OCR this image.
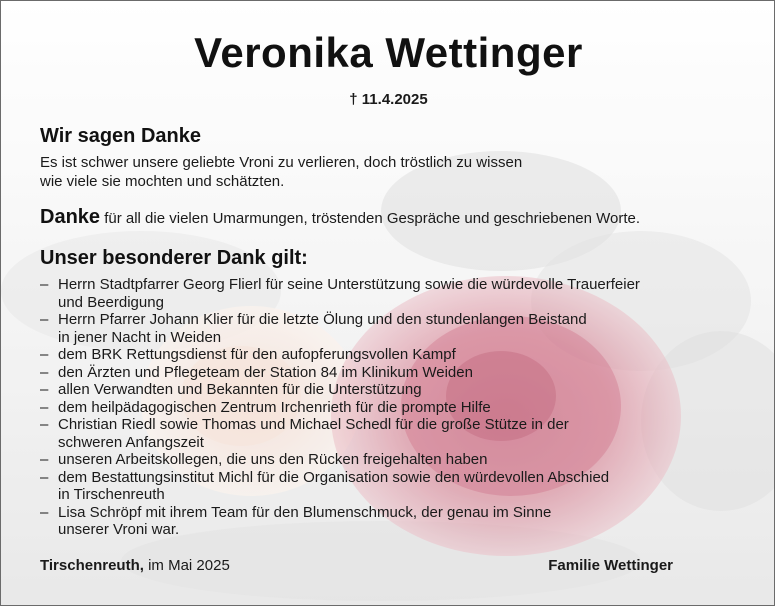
Veronika Wettinger
† 11.4.2025
Wir sagen Danke
Es ist schwer unsere geliebte Vroni zu verlieren, doch tröstlich zu wissen
wie viele sie mochten und schätzten.
Danke für all die vielen Umarmungen, tröstenden Gespräche und geschriebenen Worte.
Unser besonderer Dank gilt:
– Herrn Stadtpfarrer Georg Flierl für seine Unterstützung sowie die würdevolle Trauerfeier
und Beerdigung
– Herrn Pfarrer Johann Klier für die letzte Ölung und den stundenlangen Beistand
in jener Nacht in Weiden
– dem BRK Rettungsdienst für den aufopferungsvollen Kampf
– den Ärzten und Pflegeteam der Station 84 im Klinikum Weiden
– allen Verwandten und Bekannten für die Unterstützung
– dem heilpädagogischen Zentrum Irchenrieth für die prompte Hilfe
– Christian Riedl sowie Thomas und Michael Schedl für die große Stütze in der
schweren Anfangszeit
– unseren Arbeitskollegen, die uns den Rücken freigehalten haben
– dem Bestattungsinstitut Michl für die Organisation sowie den würdevollen Abschied
in Tirschenreuth
– Lisa Schröpf mit ihrem Team für den Blumenschmuck, der genau im Sinne
unserer Vroni war.
Tirschenreuth, im Mai 2025	Familie Wettinger
